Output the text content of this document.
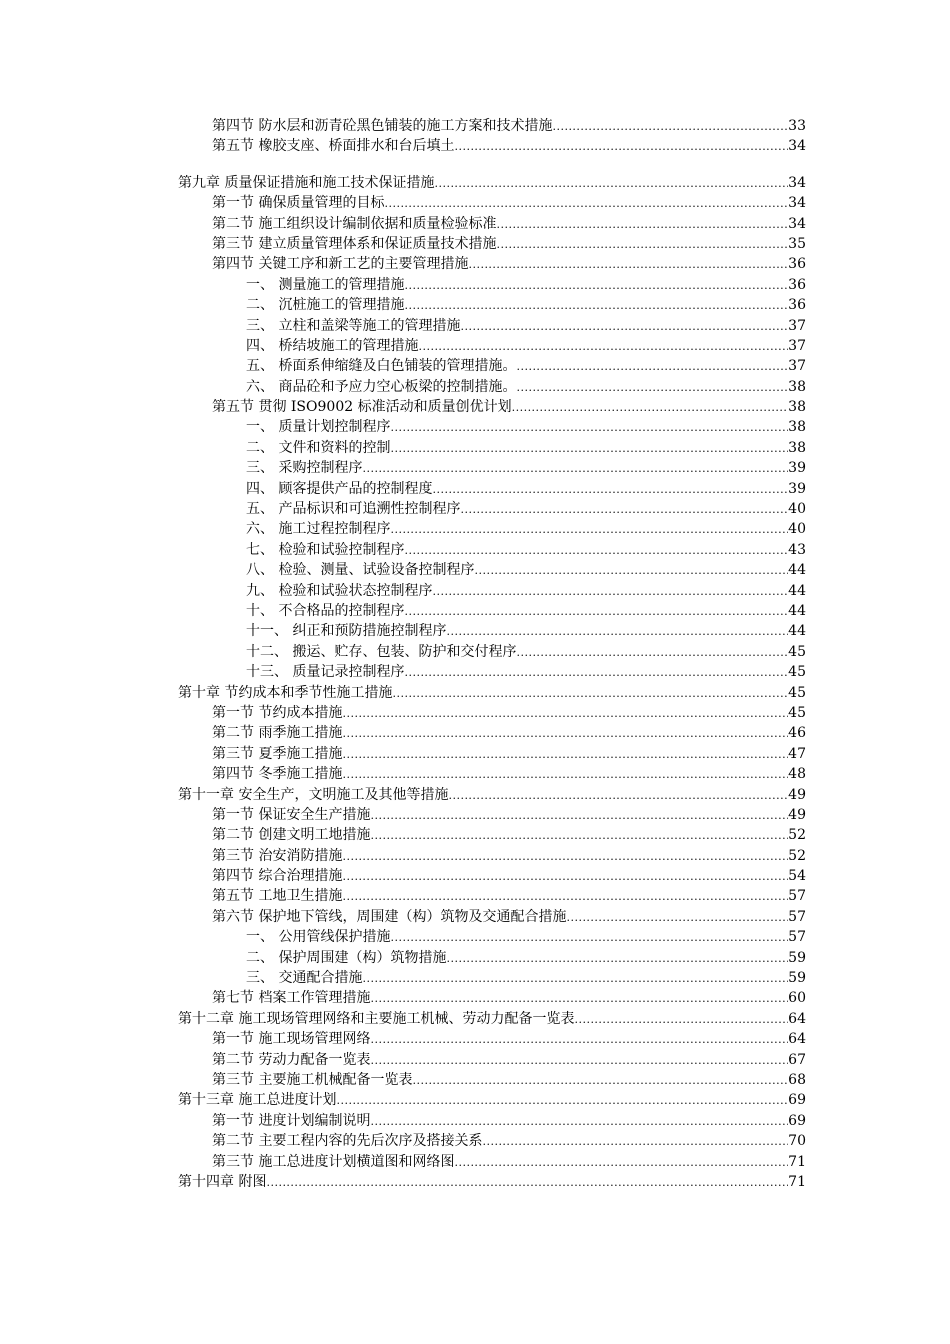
第四节 防水层和沥青砼黑色铺装的施工方案和技术措施 .....	33
第五节 橡胶支座、桥面排水和台后填土 .....	34
第九章 质量保证措施和施工技术保证措施 .....	34
第一节 确保质量管理的目标 .....	34
第二节 施工组织设计编制依据和质量检验标准 .....	34
第三节 建立质量管理体系和保证质量技术措施 .....	35
第四节 关键工序和新工艺的主要管理措施 .....	36
一、 测量施工的管理措施 .....	36
二、 沉桩施工的管理措施 .....	36
三、 立柱和盖梁等施工的管理措施 .....	37
四、 桥结坡施工的管理措施 .....	37
五、 桥面系伸缩缝及白色铺装的管理措施。 .....	37
六、 商品砼和予应力空心板梁的控制措施。 .....	38
第五节 贯彻 ISO9002 标准活动和质量创优计划 .....	38
一、 质量计划控制程序 .....	38
二、 文件和资料的控制 .....	38
三、 采购控制程序 .....	39
四、 顾客提供产品的控制程度 .....	39
五、 产品标识和可追溯性控制程序 .....	40
六、 施工过程控制程序 .....	40
七、 检验和试验控制程序 .....	43
八、 检验、测量、试验设备控制程序 .....	44
九、 检验和试验状态控制程序 .....	44
十、 不合格品的控制程序 .....	44
十一、 纠正和预防措施控制程序 .....	44
十二、 搬运、贮存、包装、防护和交付程序 .....	45
十三、 质量记录控制程序 .....	45
第十章 节约成本和季节性施工措施 .....	45
第一节 节约成本措施 .....	45
第二节 雨季施工措施 .....	46
第三节 夏季施工措施 .....	47
第四节 冬季施工措施 .....	48
第十一章 安全生产，文明施工及其他等措施 .....	49
第一节 保证安全生产措施 .....	49
第二节 创建文明工地措施 .....	52
第三节 治安消防措施 .....	52
第四节 综合治理措施 .....	54
第五节 工地卫生措施 .....	57
第六节 保护地下管线，周围建（构）筑物及交通配合措施 .....	57
一、 公用管线保护措施 .....	57
二、 保护周围建（构）筑物措施 .....	59
三、 交通配合措施 .....	59
第七节 档案工作管理措施 .....	60
第十二章 施工现场管理网络和主要施工机械、劳动力配备一览表 .....	64
第一节 施工现场管理网络 .....	64
第二节 劳动力配备一览表 .....	67
第三节 主要施工机械配备一览表 .....	68
第十三章 施工总进度计划 .....	69
第一节 进度计划编制说明 .....	69
第二节 主要工程内容的先后次序及搭接关系 .....	70
第三节 施工总进度计划横道图和网络图 .....	71
第十四章 附图 .....	71
